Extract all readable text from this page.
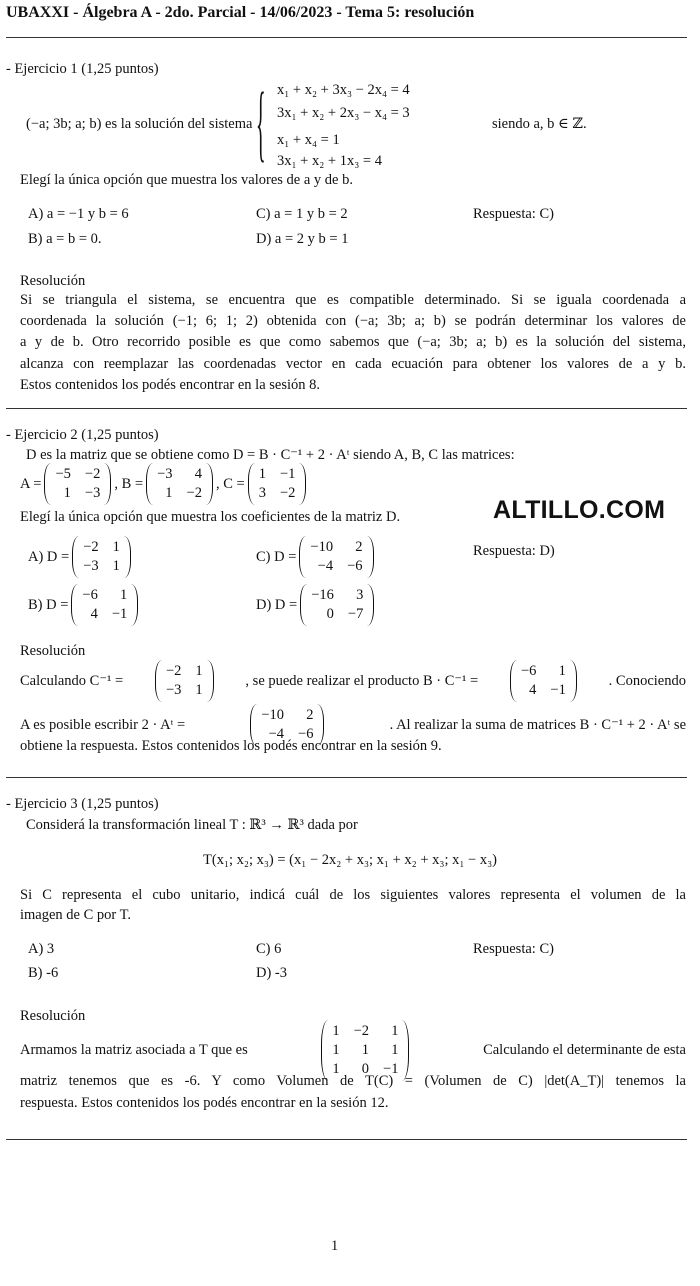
UBAXXI - Álgebra A - 2do. Parcial - 14/06/2023 - Tema 5: resolución
- Ejercicio 1 (1,25 puntos)
(−a; 3b; a; b) es la solución del sistema { x₁ + x₂ + 3x₃ − 2x₄ = 4
3x₁ + x₂ + 2x₃ − x₄ = 3
x₁ + x₄ = 1
3x₁ + x₂ + 1x₃ = 4
siendo a, b ∈ ℤ.
Elegí la única opción que muestra los valores de a y de b.
A) a = −1 y b = 6
B) a = b = 0.
C) a = 1 y b = 2
D) a = 2 y b = 1
Respuesta: C)
Resolución
Si se triangula el sistema, se encuentra que es compatible determinado. Si se iguala coordenada a
coordenada la solución (−1; 6; 1; 2) obtenida con (−a; 3b; a; b) se podrán determinar los valores de
a y de b. Otro recorrido posible es que como sabemos que (−a; 3b; a; b) es la solución del sistema,
alcanza con reemplazar las coordenadas vector en cada ecuación para obtener los valores de a y b.
Estos contenidos los podés encontrar en la sesión 8.
- Ejercicio 2 (1,25 puntos)
D es la matriz que se obtiene como D = B · C⁻¹ + 2 · Aᵗ siendo A, B, C las matrices:
A =
−5 −2
1 −3
, B =
−3	4
1 −2
, C =
1 −1
3 −2
Elegí la única opción que muestra los coeficientes de la matriz D.	ALTILLO.COM
A) D =
−2 1
−3 1
B) D =
−6	1
4 −1
C) D =
−10	2
−4 −6
D) D =
−16	3
0 −7
Respuesta: D)
Resolución
Calculando C⁻¹ =
−2 1
−3 1
, se puede realizar el producto B · C⁻¹ =
−6	1
4 −1
. Conociendo
A es posible escribir 2 · Aᵗ =
−10	2
−4 −6
. Al realizar la suma de matrices B · C⁻¹ + 2 · Aᵗ se
obtiene la respuesta. Estos contenidos los podés encontrar en la sesión 9.
- Ejercicio 3 (1,25 puntos)
Considerá la transformación lineal T : ℝ³ → ℝ³ dada por
T(x₁; x₂; x₃) = (x₁ − 2x₂ + x₃; x₁ + x₂ + x₃; x₁ − x₃)
Si C representa el cubo unitario, indicá cuál de los siguientes valores representa el volumen de la
imagen de C por T.
A) 3
B) -6
C) 6
D) -3
Respuesta: C)
Resolución
Armamos la matriz asociada a T que es
1 −2	1
1	1	1
1	0 −1
Calculando el determinante de esta
matriz tenemos que es -6. Y como Volumen de T(C) = (Volumen de C) |det(A_T)| tenemos la
respuesta. Estos contenidos los podés encontrar en la sesión 12.
1
